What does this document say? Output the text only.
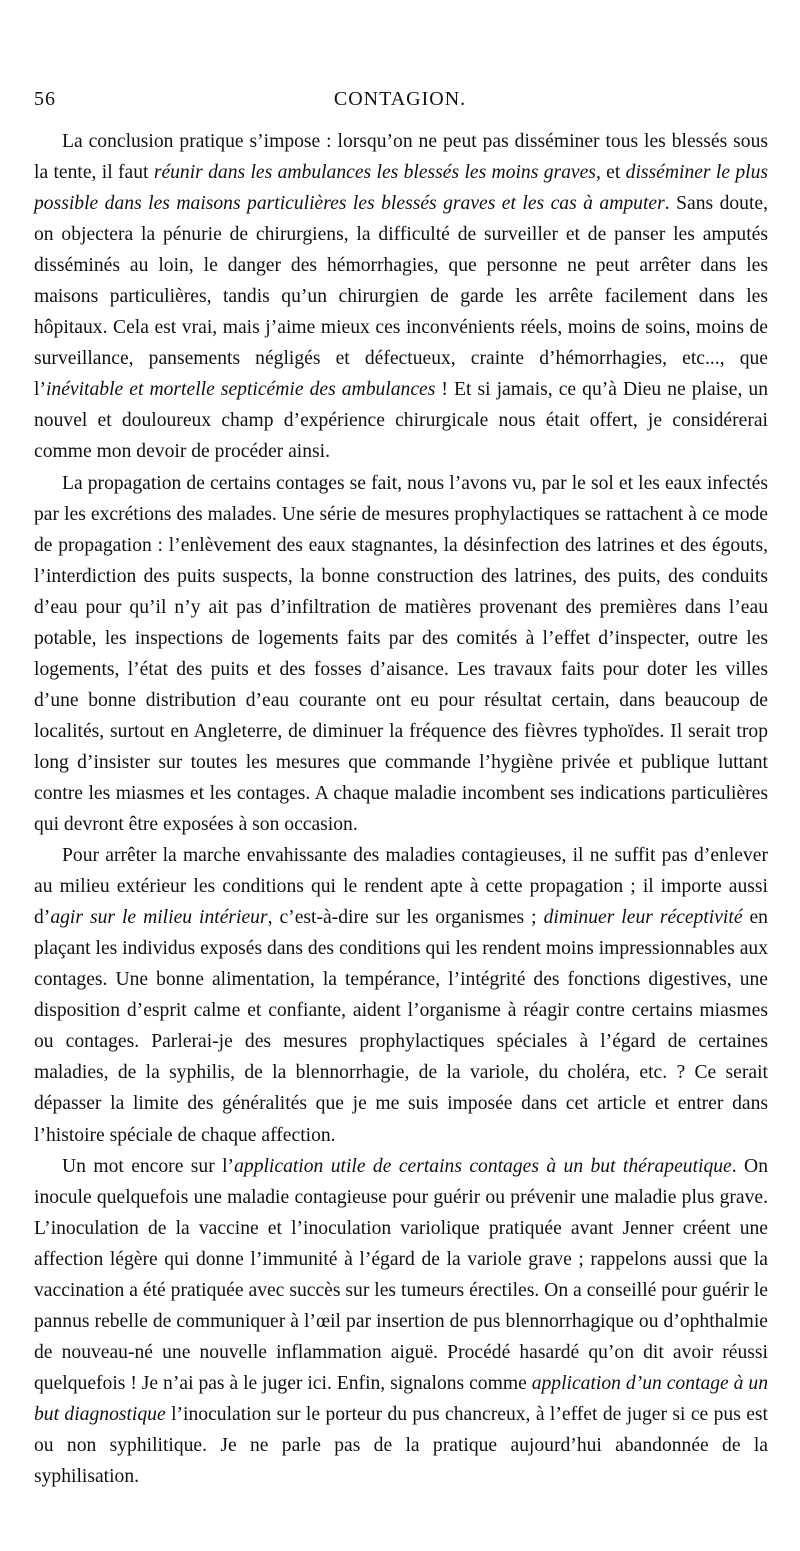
56	CONTAGION.

La conclusion pratique s’impose : lorsqu’on ne peut pas disséminer tous les blessés sous la tente, il faut réunir dans les ambulances les blessés les moins graves, et disséminer le plus possible dans les maisons particulières les blessés graves et les cas à amputer. Sans doute, on objectera la pénurie de chirurgiens, la difficulté de surveiller et de panser les amputés disséminés au loin, le danger des hémorrhagies, que personne ne peut arrêter dans les maisons particulières, tandis qu’un chirurgien de garde les arrête facilement dans les hôpitaux. Cela est vrai, mais j’aime mieux ces inconvénients réels, moins de soins, moins de surveillance, pansements négligés et défectueux, crainte d’hémorrhagies, etc..., que l’inévitable et mortelle septicémie des ambulances ! Et si jamais, ce qu’à Dieu ne plaise, un nouvel et douloureux champ d’expérience chirurgicale nous était offert, je considérerai comme mon devoir de procéder ainsi.

La propagation de certains contages se fait, nous l’avons vu, par le sol et les eaux infectés par les excrétions des malades. Une série de mesures prophylactiques se rattachent à ce mode de propagation : l’enlèvement des eaux stagnantes, la désinfection des latrines et des égouts, l’interdiction des puits suspects, la bonne construction des latrines, des puits, des conduits d’eau pour qu’il n’y ait pas d’infiltration de matières provenant des premières dans l’eau potable, les inspections de logements faits par des comités à l’effet d’inspecter, outre les logements, l’état des puits et des fosses d’aisance. Les travaux faits pour doter les villes d’une bonne distribution d’eau courante ont eu pour résultat certain, dans beaucoup de localités, surtout en Angleterre, de diminuer la fréquence des fièvres typhoïdes. Il serait trop long d’insister sur toutes les mesures que commande l’hygiène privée et publique luttant contre les miasmes et les contages. A chaque maladie incombent ses indications particulières qui devront être exposées à son occasion.

Pour arrêter la marche envahissante des maladies contagieuses, il ne suffit pas d’enlever au milieu extérieur les conditions qui le rendent apte à cette propagation ; il importe aussi d’agir sur le milieu intérieur, c’est-à-dire sur les organismes ; diminuer leur réceptivité en plaçant les individus exposés dans des conditions qui les rendent moins impressionnables aux contages. Une bonne alimentation, la tempérance, l’intégrité des fonctions digestives, une disposition d’esprit calme et confiante, aident l’organisme à réagir contre certains miasmes ou contages. Parlerai-je des mesures prophylactiques spéciales à l’égard de certaines maladies, de la syphilis, de la blennorrhagie, de la variole, du choléra, etc. ? Ce serait dépasser la limite des généralités que je me suis imposée dans cet article et entrer dans l’histoire spéciale de chaque affection.

Un mot encore sur l’application utile de certains contages à un but thérapeutique. On inocule quelquefois une maladie contagieuse pour guérir ou prévenir une maladie plus grave. L’inoculation de la vaccine et l’inoculation variolique pratiquée avant Jenner créent une affection légère qui donne l’immunité à l’égard de la variole grave ; rappelons aussi que la vaccination a été pratiquée avec succès sur les tumeurs érectiles. On a conseillé pour guérir le pannus rebelle de communiquer à l’œil par insertion de pus blennorrhagique ou d’ophthalmie de nouveau-né une nouvelle inflammation aiguë. Procédé hasardé qu’on dit avoir réussi quelquefois ! Je n’ai pas à le juger ici. Enfin, signalons comme application d’un contage à un but diagnostique l’inoculation sur le porteur du pus chancreux, à l’effet de juger si ce pus est ou non syphilitique. Je ne parle pas de la pratique aujourd’hui abandonnée de la syphilisation.
